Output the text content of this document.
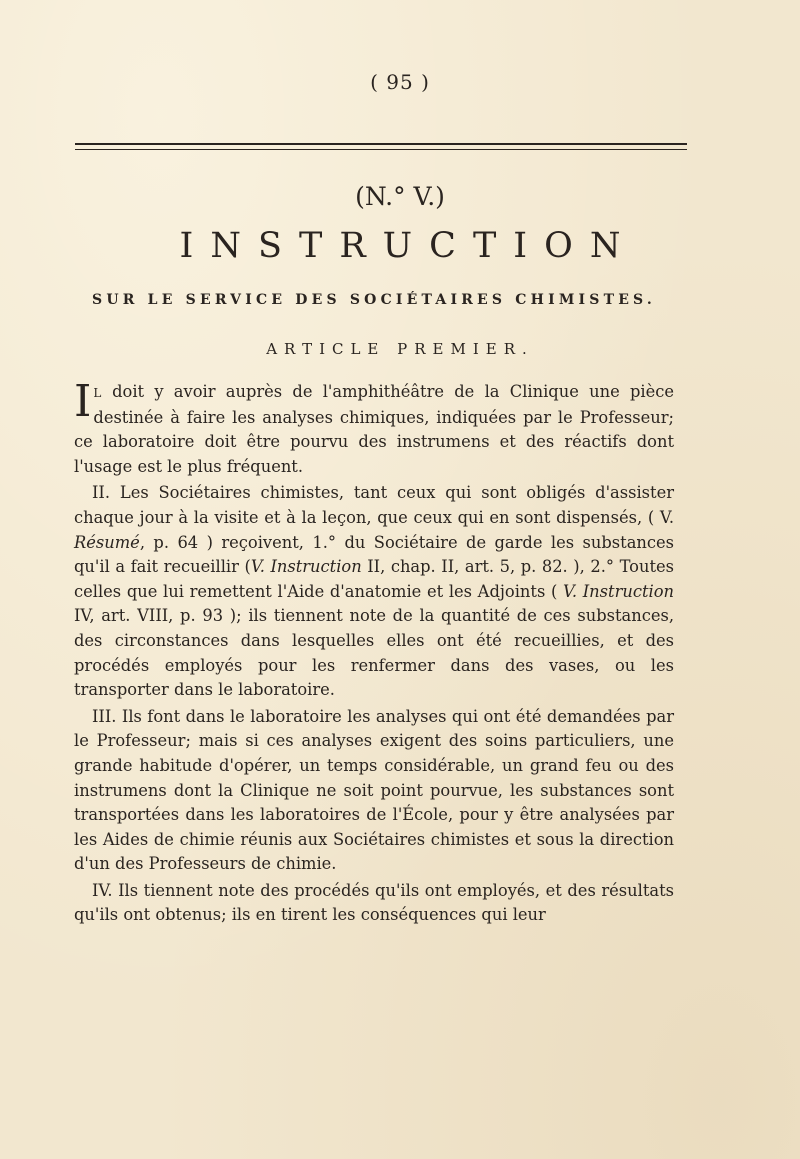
( 95 )
(N.° V.)
INSTRUCTION
SUR LE SERVICE DES SOCIÉTAIRES CHIMISTES.
ARTICLE PREMIER.

I L doit y avoir auprès de l'amphithéâtre de la Clinique une pièce destinée à faire les analyses chimiques, indiquées par le Professeur; ce laboratoire doit être pourvu des instrumens et des réactifs dont l'usage est le plus fréquent.

II. Les Sociétaires chimistes, tant ceux qui sont obligés d'assister chaque jour à la visite et à la leçon, que ceux qui en sont dispensés, ( V. Résumé, p. 64 ) reçoivent, 1.° du Sociétaire de garde les substances qu'il a fait recueillir (V. Instruction II, chap. II, art. 5, p. 82. ), 2.° Toutes celles que lui remettent l'Aide d'anatomie et les Adjoints ( V. Instruction IV, art. VIII, p. 93 ); ils tiennent note de la quantité de ces substances, des circonstances dans lesquelles elles ont été recueillies, et des procédés employés pour les renfermer dans des vases, ou les transporter dans le laboratoire.

III. Ils font dans le laboratoire les analyses qui ont été demandées par le Professeur; mais si ces analyses exigent des soins particuliers, une grande habitude d'opérer, un temps considérable, un grand feu ou des instrumens dont la Clinique ne soit point pourvue, les substances sont transportées dans les laboratoires de l'École, pour y être analysées par les Aides de chimie réunis aux Sociétaires chimistes et sous la direction d'un des Professeurs de chimie.

IV. Ils tiennent note des procédés qu'ils ont employés, et des résultats qu'ils ont obtenus; ils en tirent les conséquences qui leur
